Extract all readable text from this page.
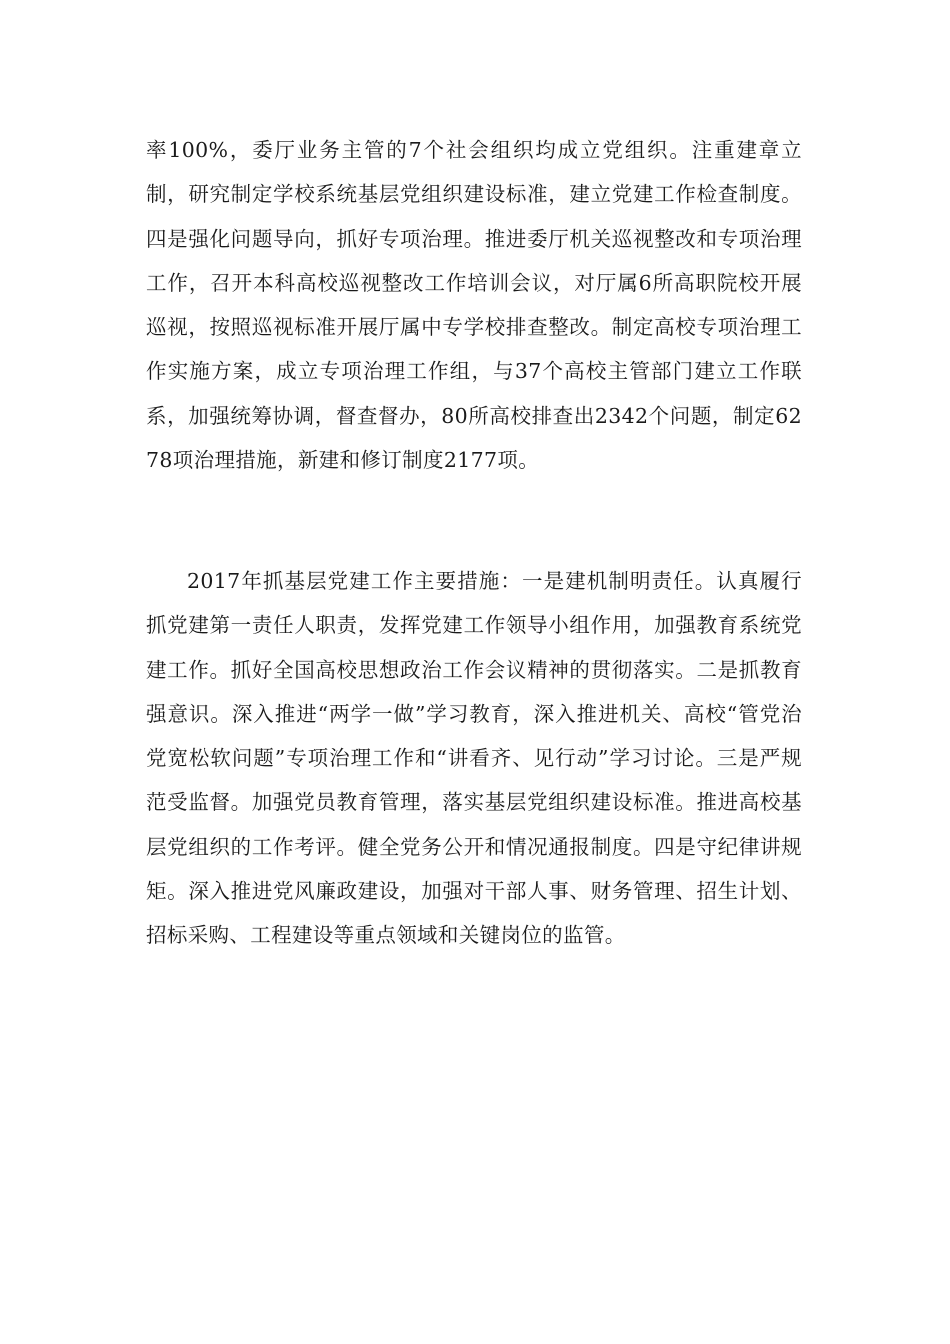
率100%，委厅业务主管的7个社会组织均成立党组织。注重建章立制，研究制定学校系统基层党组织建设标准，建立党建工作检查制度。四是强化问题导向，抓好专项治理。推进委厅机关巡视整改和专项治理工作，召开本科高校巡视整改工作培训会议，对厅属6所高职院校开展巡视，按照巡视标准开展厅属中专学校排查整改。制定高校专项治理工作实施方案，成立专项治理工作组，与37个高校主管部门建立工作联系，加强统筹协调，督查督办，80所高校排查出2342个问题，制定6278项治理措施，新建和修订制度2177项。

2017年抓基层党建工作主要措施：一是建机制明责任。认真履行抓党建第一责任人职责，发挥党建工作领导小组作用，加强教育系统党建工作。抓好全国高校思想政治工作会议精神的贯彻落实。二是抓教育强意识。深入推进“两学一做”学习教育，深入推进机关、高校“管党治党宽松软问题”专项治理工作和“讲看齐、见行动”学习讨论。三是严规范受监督。加强党员教育管理，落实基层党组织建设标准。推进高校基层党组织的工作考评。健全党务公开和情况通报制度。四是守纪律讲规矩。深入推进党风廉政建设，加强对干部人事、财务管理、招生计划、招标采购、工程建设等重点领域和关键岗位的监管。
